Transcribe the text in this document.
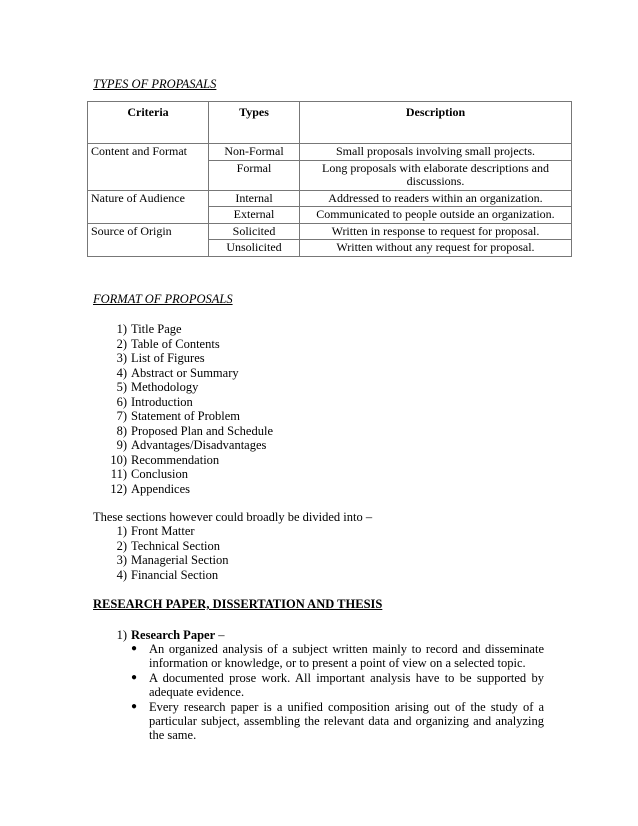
TYPES OF PROPASALS
Criteria	Types	Description
Content and Format	Non-Formal	Small proposals involving small projects.
	Formal	Long proposals with elaborate descriptions and discussions.
Nature of Audience	Internal	Addressed to readers within an organization.
	External	Communicated to people outside an organization.
Source of Origin	Solicited	Written in response to request for proposal.
	Unsolicited	Written without any request for proposal.
FORMAT OF PROPOSALS
1) Title Page
2) Table of Contents
3) List of Figures
4) Abstract or Summary
5) Methodology
6) Introduction
7) Statement of Problem
8) Proposed Plan and Schedule
9) Advantages/Disadvantages
10) Recommendation
11) Conclusion
12) Appendices

These sections however could broadly be divided into –

1) Front Matter
2) Technical Section
3) Managerial Section
4) Financial Section
RESEARCH PAPER, DISSERTATION AND THESIS
1) Research Paper –
● An organized analysis of a subject written mainly to record and disseminate information or knowledge, or to present a point of view on a selected topic.
● A documented prose work. All important analysis have to be supported by adequate evidence.
● Every research paper is a unified composition arising out of the study of a particular subject, assembling the relevant data and organizing and analyzing the same.
